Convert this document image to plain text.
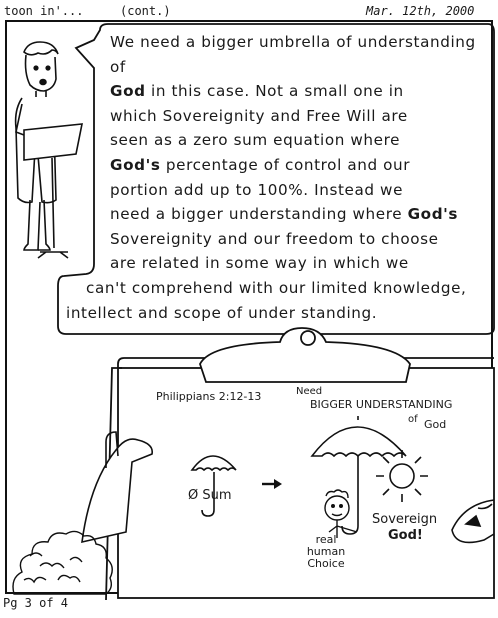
toon in'...	(cont.)	Mar. 12th, 2000
We need a bigger umbrella of understanding of
God in this case. Not a small one in
which Sovereignity and Free Will are
seen as a zero sum equation where
God's percentage of control and our
portion add up to 100%. Instead we
need a bigger understanding where God's
Sovereignity and our freedom to choose
are related in some way in which we
can't comprehend with our limited knowledge,
intellect and scope of under standing.
Philippians 2:12-13	Need
BIGGER UNDERSTANDING
of God
Ø Sum
Sovereign
God!
real
human
Choice
Pg 3 of 4
